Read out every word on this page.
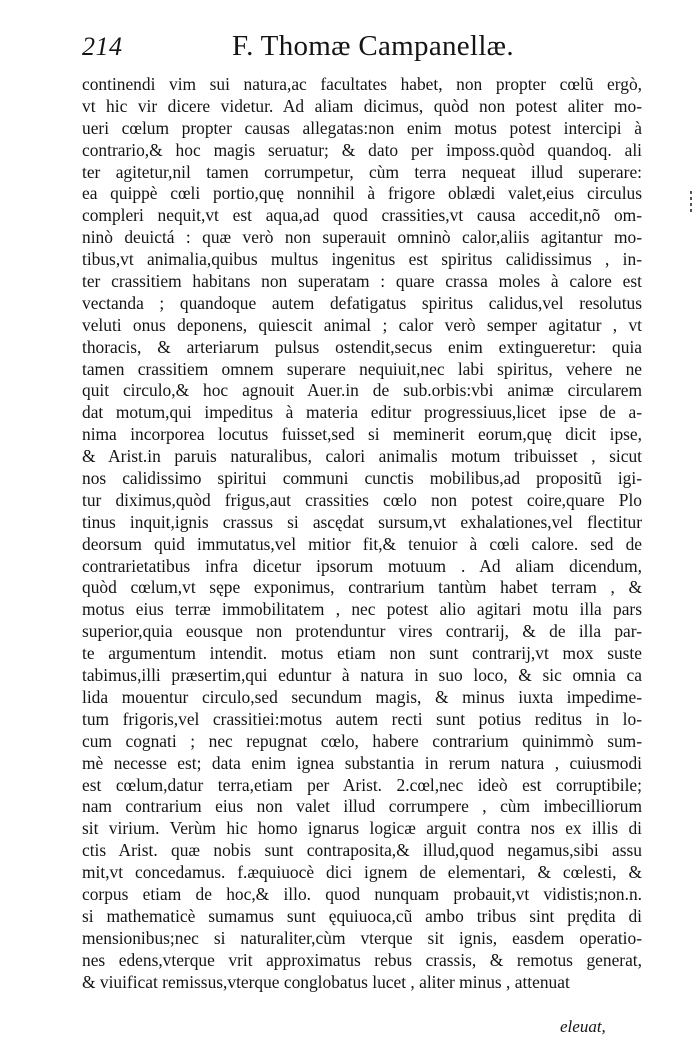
214	F. Thomæ Campanellæ.
continendi vim sui natura,ac facultates habet, non propter cœlũ ergò,
vt hic vir dicere videtur. Ad aliam dicimus, quòd non potest aliter mo-
ueri cœlum propter causas allegatas:non enim motus potest intercipi à
contrario,& hoc magis seruatur; & dato per imposs.quòd quandoq. ali
ter agitetur,nil tamen corrumpetur, cùm terra nequeat illud superare:
ea quippè cœli portio,quę nonnihil à frigore oblædi valet,eius circulus
compleri nequit,vt est aqua,ad quod crassities,vt causa accedit,nõ om-
ninò deuictá : quæ verò non superauit omninò calor,aliis agitantur mo-
tibus,vt animalia,quibus multus ingenitus est spiritus calidissimus , in-
ter crassitiem habitans non superatam : quare crassa moles à calore est
vectanda ; quandoque autem defatigatus spiritus calidus,vel resolutus
veluti onus deponens, quiescit animal ; calor verò semper agitatur , vt
thoracis, & arteriarum pulsus ostendit,secus enim extingueretur: quia
tamen crassitiem omnem superare nequiuit,nec labi spiritus, vehere ne
quit circulo,& hoc agnouit Auer.in de sub.orbis:vbi animæ circularem
dat motum,qui impeditus à materia editur progressiuus,licet ipse de a-
nima incorporea locutus fuisset,sed si meminerit eorum,quę dicit ipse,
& Arist.in paruis naturalibus, calori animalis motum tribuisset , sicut
nos calidissimo spiritui communi cunctis mobilibus,ad propositũ igi-
tur diximus,quòd frigus,aut crassities cœlo non potest coire,quare Plo
tinus inquit,ignis crassus si ascędat sursum,vt exhalationes,vel flectitur
deorsum quid immutatus,vel mitior fit,& tenuior à cœli calore. sed de
contrarietatibus infra dicetur ipsorum motuum . Ad aliam dicendum,
quòd cœlum,vt sępe exponimus, contrarium tantùm habet terram , &
motus eius terræ immobilitatem , nec potest alio agitari motu illa pars
superior,quia eousque non protenduntur vires contrarij, & de illa par-
te argumentum intendit. motus etiam non sunt contrarij,vt mox suste
tabimus,illi præsertim,qui eduntur à natura in suo loco, & sic omnia ca
lida mouentur circulo,sed secundum magis, & minus iuxta impedime-
tum frigoris,vel crassitiei:motus autem recti sunt potius reditus in lo-
cum cognati ; nec repugnat cœlo, habere contrarium quinimmò sum-
mè necesse est; data enim ignea substantia in rerum natura , cuiusmodi
est cœlum,datur terra,etiam per Arist. 2.cœl,nec ideò est corruptibile;
nam contrarium eius non valet illud corrumpere , cùm imbecilliorum
sit virium. Verùm hic homo ignarus logicæ arguit contra nos ex illis di
ctis Arist. quæ nobis sunt contraposita,& illud,quod negamus,sibi assu
mit,vt concedamus. f.æquiuocè dici ignem de elementari, & cœlesti, &
corpus etiam de hoc,& illo. quod nunquam probauit,vt vidistis;non.n.
si mathematicè sumamus sunt ęquiuoca,cũ ambo tribus sint prędita di
mensionibus;nec si naturaliter,cùm vterque sit ignis, easdem operatio-
nes edens,vterque vrit approximatus rebus crassis, & remotus generat,
& viuificat remissus,vterque conglobatus lucet , aliter minus , attenuat
eleuat,
